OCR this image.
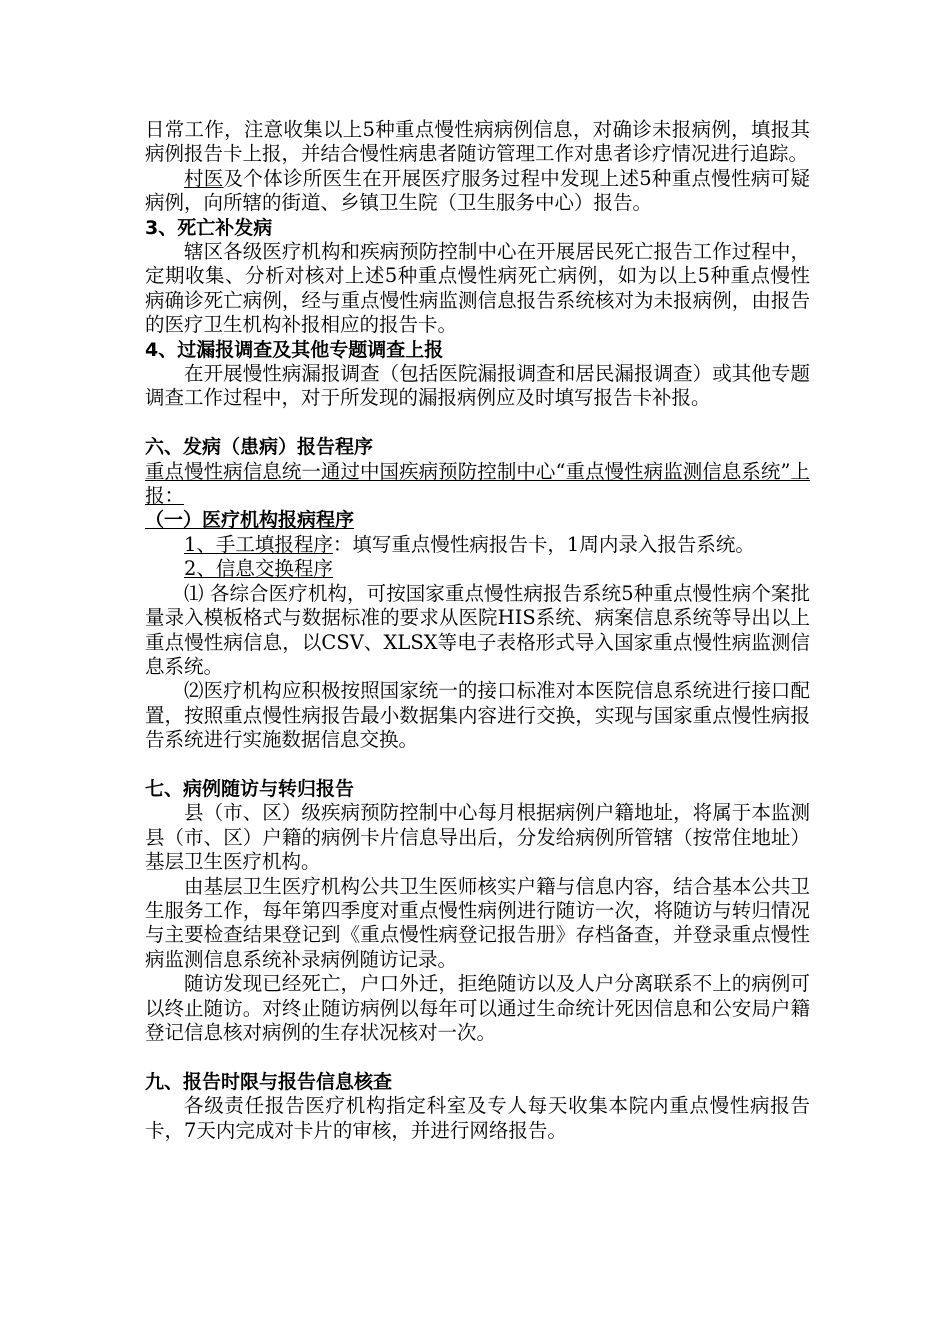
日常工作，注意收集以上5种重点慢性病病例信息，对确诊未报病例，填报其病例报告卡上报，并结合慢性病患者随访管理工作对患者诊疗情况进行追踪。

村医及个体诊所医生在开展医疗服务过程中发现上述5种重点慢性病可疑病例，向所辖的街道、乡镇卫生院（卫生服务中心）报告。

3、死亡补发病

辖区各级医疗机构和疾病预防控制中心在开展居民死亡报告工作过程中，定期收集、分析对核对上述5种重点慢性病死亡病例，如为以上5种重点慢性病确诊死亡病例，经与重点慢性病监测信息报告系统核对为未报病例，由报告的医疗卫生机构补报相应的报告卡。

4、过漏报调查及其他专题调查上报

在开展慢性病漏报调查（包括医院漏报调查和居民漏报调查）或其他专题调查工作过程中，对于所发现的漏报病例应及时填写报告卡补报。

六、发病（患病）报告程序

重点慢性病信息统一通过中国疾病预防控制中心“重点慢性病监测信息系统”上报：

（一）医疗机构报病程序

1、手工填报程序：填写重点慢性病报告卡，1周内录入报告系统。

2、信息交换程序

⑴ 各综合医疗机构，可按国家重点慢性病报告系统5种重点慢性病个案批量录入模板格式与数据标准的要求从医院HIS系统、病案信息系统等导出以上重点慢性病信息，以CSV、XLSX等电子表格形式导入国家重点慢性病监测信息系统。

⑵医疗机构应积极按照国家统一的接口标准对本医院信息系统进行接口配置，按照重点慢性病报告最小数据集内容进行交换，实现与国家重点慢性病报告系统进行实施数据信息交换。

七、病例随访与转归报告

县（市、区）级疾病预防控制中心每月根据病例户籍地址，将属于本监测县（市、区）户籍的病例卡片信息导出后，分发给病例所管辖（按常住地址）基层卫生医疗机构。

由基层卫生医疗机构公共卫生医师核实户籍与信息内容，结合基本公共卫生服务工作，每年第四季度对重点慢性病例进行随访一次，将随访与转归情况与主要检查结果登记到《重点慢性病登记报告册》存档备查，并登录重点慢性病监测信息系统补录病例随访记录。

随访发现已经死亡，户口外迁，拒绝随访以及人户分离联系不上的病例可以终止随访。对终止随访病例以每年可以通过生命统计死因信息和公安局户籍登记信息核对病例的生存状况核对一次。

九、报告时限与报告信息核查

各级责任报告医疗机构指定科室及专人每天收集本院内重点慢性病报告卡，7天内完成对卡片的审核，并进行网络报告。
